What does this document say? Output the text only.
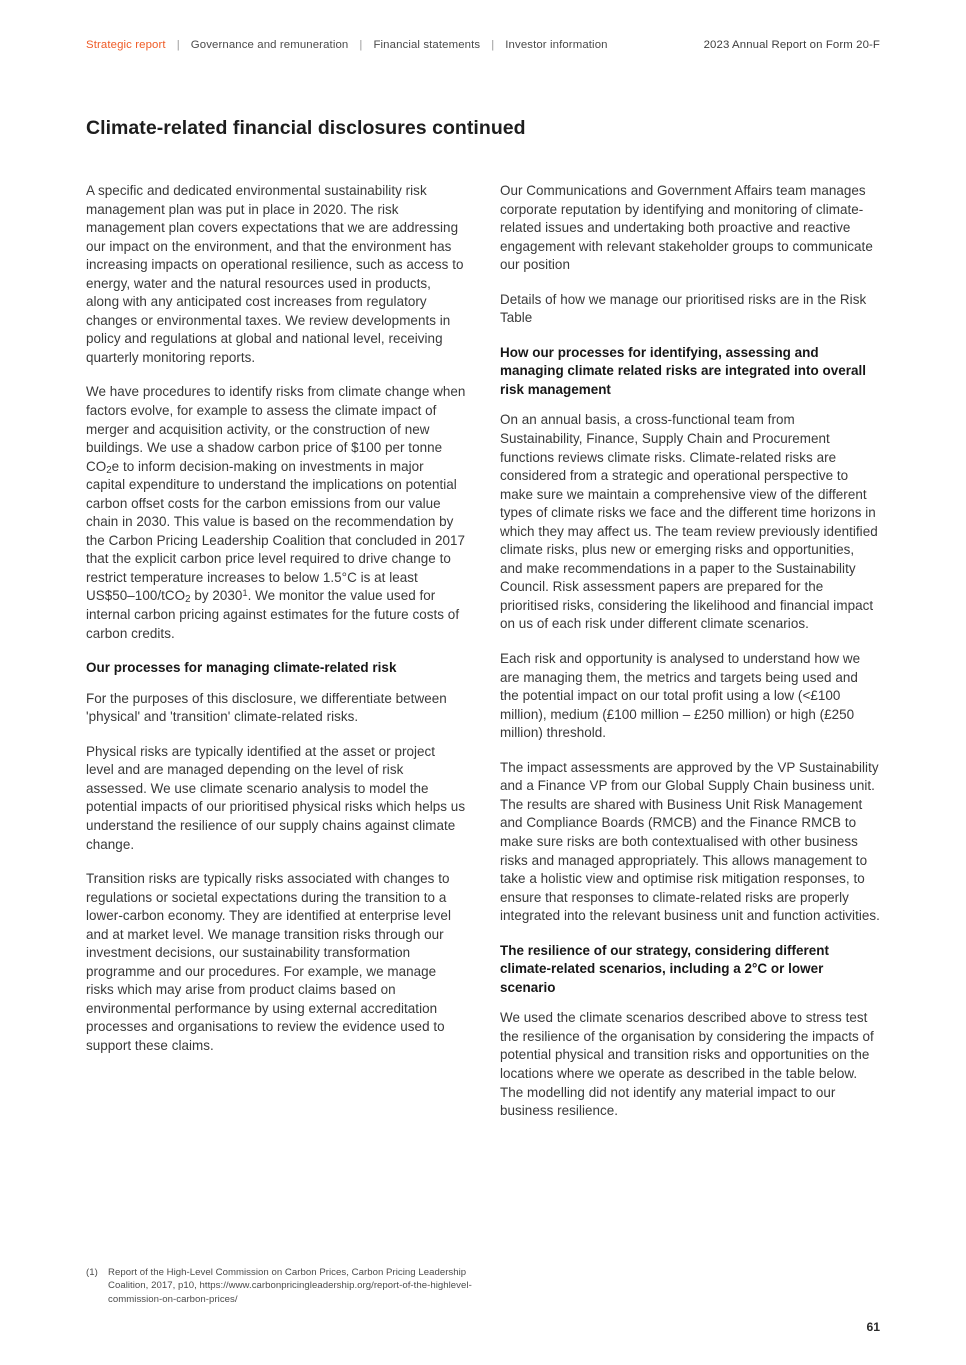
Strategic report | Governance and remuneration | Financial statements | Investor information	2023 Annual Report on Form 20-F
Climate-related financial disclosures continued

A specific and dedicated environmental sustainability risk management plan was put in place in 2020. The risk management plan covers expectations that we are addressing our impact on the environment, and that the environment has increasing impacts on operational resilience, such as access to energy, water and the natural resources used in products, along with any anticipated cost increases from regulatory changes or environmental taxes. We review developments in policy and regulations at global and national level, receiving quarterly monitoring reports.

We have procedures to identify risks from climate change when factors evolve, for example to assess the climate impact of merger and acquisition activity, or the construction of new buildings. We use a shadow carbon price of $100 per tonne $CO_2e$ to inform decision-making on investments in major capital expenditure to understand the implications on potential carbon offset costs for the carbon emissions from our value chain in 2030. This value is based on the recommendation by the Carbon Pricing Leadership Coalition that concluded in 2017 that the explicit carbon price level required to drive change to restrict temperature increases to below 1.5°C is at least US$50–100/tCO$_2$ by 2030$^1$. We monitor the value used for internal carbon pricing against estimates for the future costs of carbon credits.

Our processes for managing climate-related risk

For the purposes of this disclosure, we differentiate between 'physical' and 'transition' climate-related risks.

Physical risks are typically identified at the asset or project level and are managed depending on the level of risk assessed. We use climate scenario analysis to model the potential impacts of our prioritised physical risks which helps us understand the resilience of our supply chains against climate change.

Transition risks are typically risks associated with changes to regulations or societal expectations during the transition to a lower-carbon economy. They are identified at enterprise level and at market level. We manage transition risks through our investment decisions, our sustainability transformation programme and our procedures. For example, we manage risks which may arise from product claims based on environmental performance by using external accreditation processes and organisations to review the evidence used to support these claims.

Our Communications and Government Affairs team manages corporate reputation by identifying and monitoring of climate-related issues and undertaking both proactive and reactive engagement with relevant stakeholder groups to communicate our position

Details of how we manage our prioritised risks are in the Risk Table

How our processes for identifying, assessing and managing climate related risks are integrated into overall risk management

On an annual basis, a cross-functional team from Sustainability, Finance, Supply Chain and Procurement functions reviews climate risks. Climate-related risks are considered from a strategic and operational perspective to make sure we maintain a comprehensive view of the different types of climate risks we face and the different time horizons in which they may affect us. The team review previously identified climate risks, plus new or emerging risks and opportunities, and make recommendations in a paper to the Sustainability Council. Risk assessment papers are prepared for the prioritised risks, considering the likelihood and financial impact on us of each risk under different climate scenarios.

Each risk and opportunity is analysed to understand how we are managing them, the metrics and targets being used and the potential impact on our total profit using a low (<£100 million), medium (£100 million – £250 million) or high (£250 million) threshold.

The impact assessments are approved by the VP Sustainability and a Finance VP from our Global Supply Chain business unit. The results are shared with Business Unit Risk Management and Compliance Boards (RMCB) and the Finance RMCB to make sure risks are both contextualised with other business risks and managed appropriately. This allows management to take a holistic view and optimise risk mitigation responses, to ensure that responses to climate-related risks are properly integrated into the relevant business unit and function activities.

The resilience of our strategy, considering different climate-related scenarios, including a 2°C or lower scenario

We used the climate scenarios described above to stress test the resilience of the organisation by considering the impacts of potential physical and transition risks and opportunities on the locations where we operate as described in the table below. The modelling did not identify any material impact to our business resilience.

(1)	Report of the High-Level Commission on Carbon Prices, Carbon Pricing Leadership Coalition, 2017, p10, https://www.carbonpricingleadership.org/report-of-the-highlevel-commission-on-carbon-prices/
61
